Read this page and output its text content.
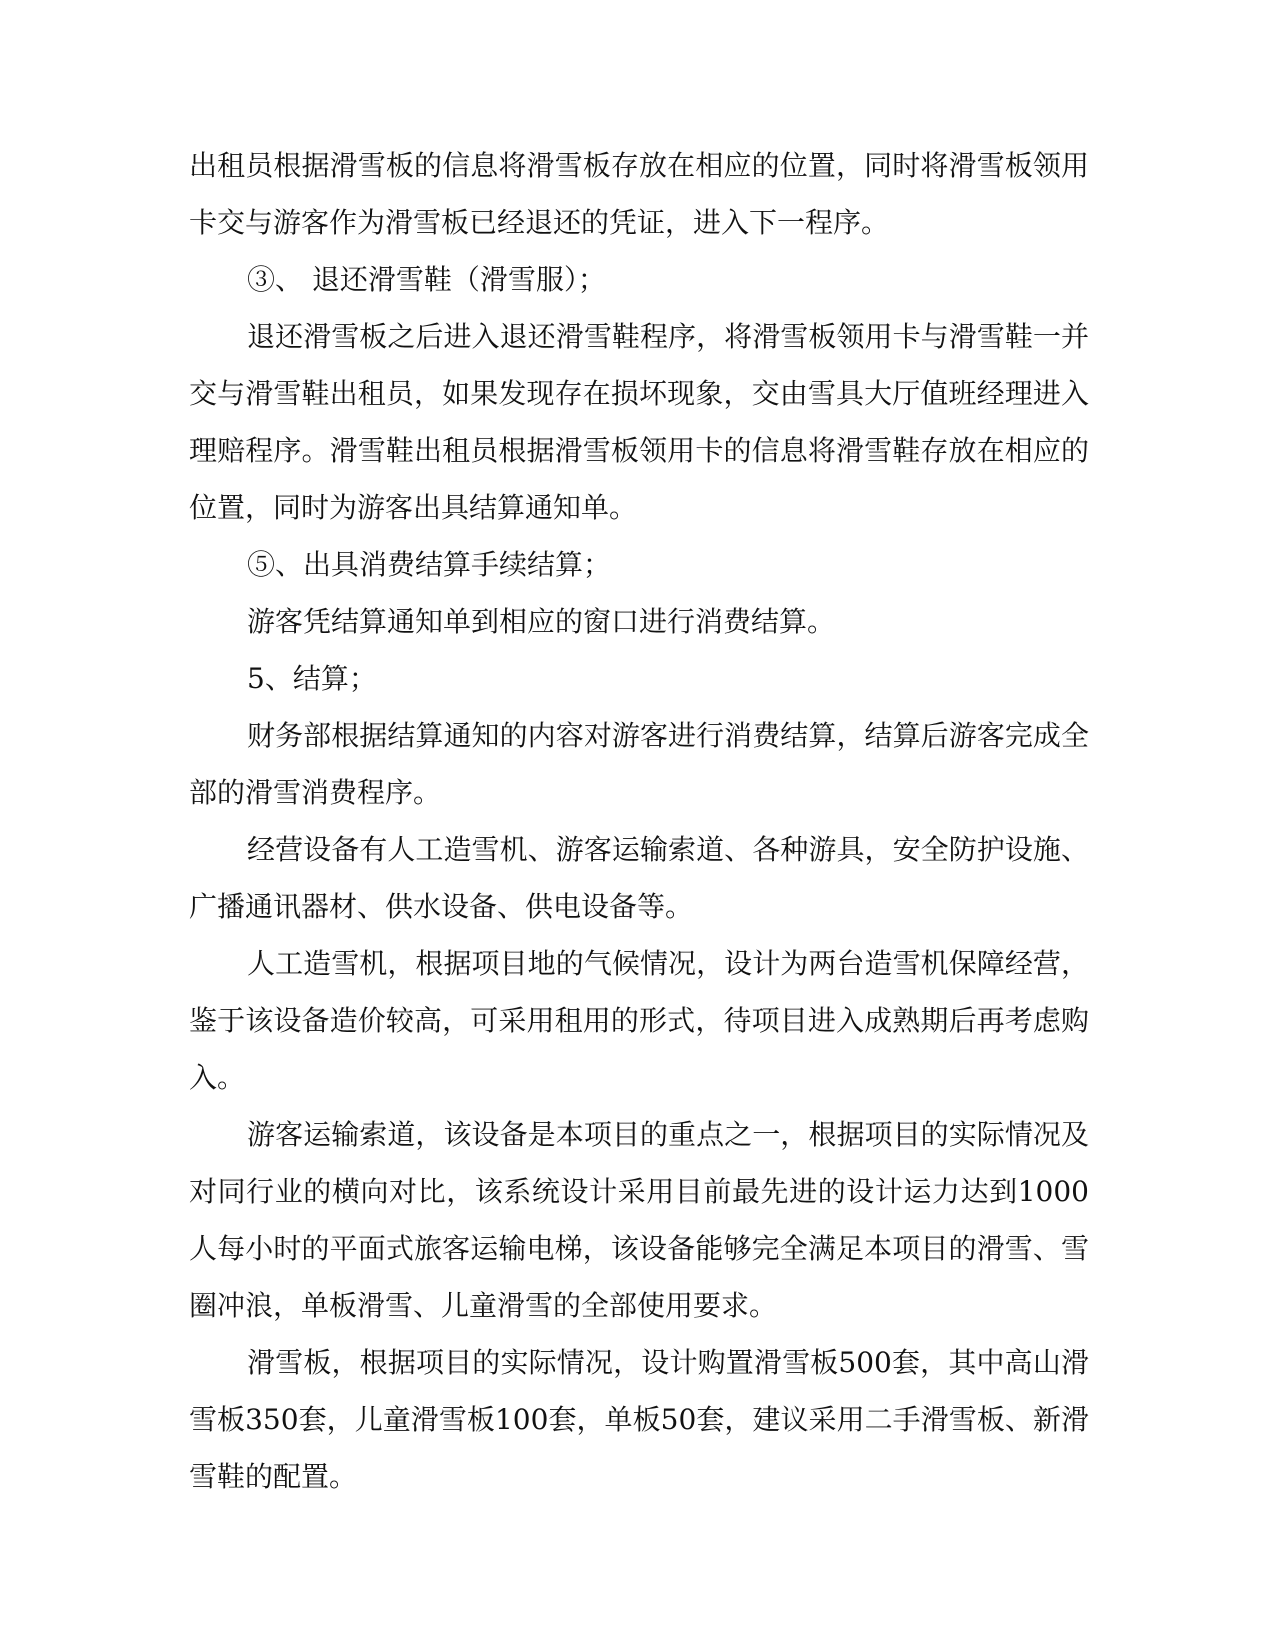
出租员根据滑雪板的信息将滑雪板存放在相应的位置，同时将滑雪板领用卡交与游客作为滑雪板已经退还的凭证，进入下一程序。

③、 退还滑雪鞋（滑雪服）；

退还滑雪板之后进入退还滑雪鞋程序，将滑雪板领用卡与滑雪鞋一并交与滑雪鞋出租员，如果发现存在损坏现象，交由雪具大厅值班经理进入理赔程序。滑雪鞋出租员根据滑雪板领用卡的信息将滑雪鞋存放在相应的位置，同时为游客出具结算通知单。

⑤、出具消费结算手续结算；

游客凭结算通知单到相应的窗口进行消费结算。

5、结算；

财务部根据结算通知的内容对游客进行消费结算，结算后游客完成全部的滑雪消费程序。

经营设备有人工造雪机、游客运输索道、各种游具，安全防护设施、广播通讯器材、供水设备、供电设备等。

人工造雪机，根据项目地的气候情况，设计为两台造雪机保障经营，鉴于该设备造价较高，可采用租用的形式，待项目进入成熟期后再考虑购入。

游客运输索道，该设备是本项目的重点之一，根据项目的实际情况及对同行业的横向对比，该系统设计采用目前最先进的设计运力达到1000人每小时的平面式旅客运输电梯，该设备能够完全满足本项目的滑雪、雪圈冲浪，单板滑雪、儿童滑雪的全部使用要求。

滑雪板，根据项目的实际情况，设计购置滑雪板500套，其中高山滑雪板350套，儿童滑雪板100套，单板50套，建议采用二手滑雪板、新滑雪鞋的配置。
